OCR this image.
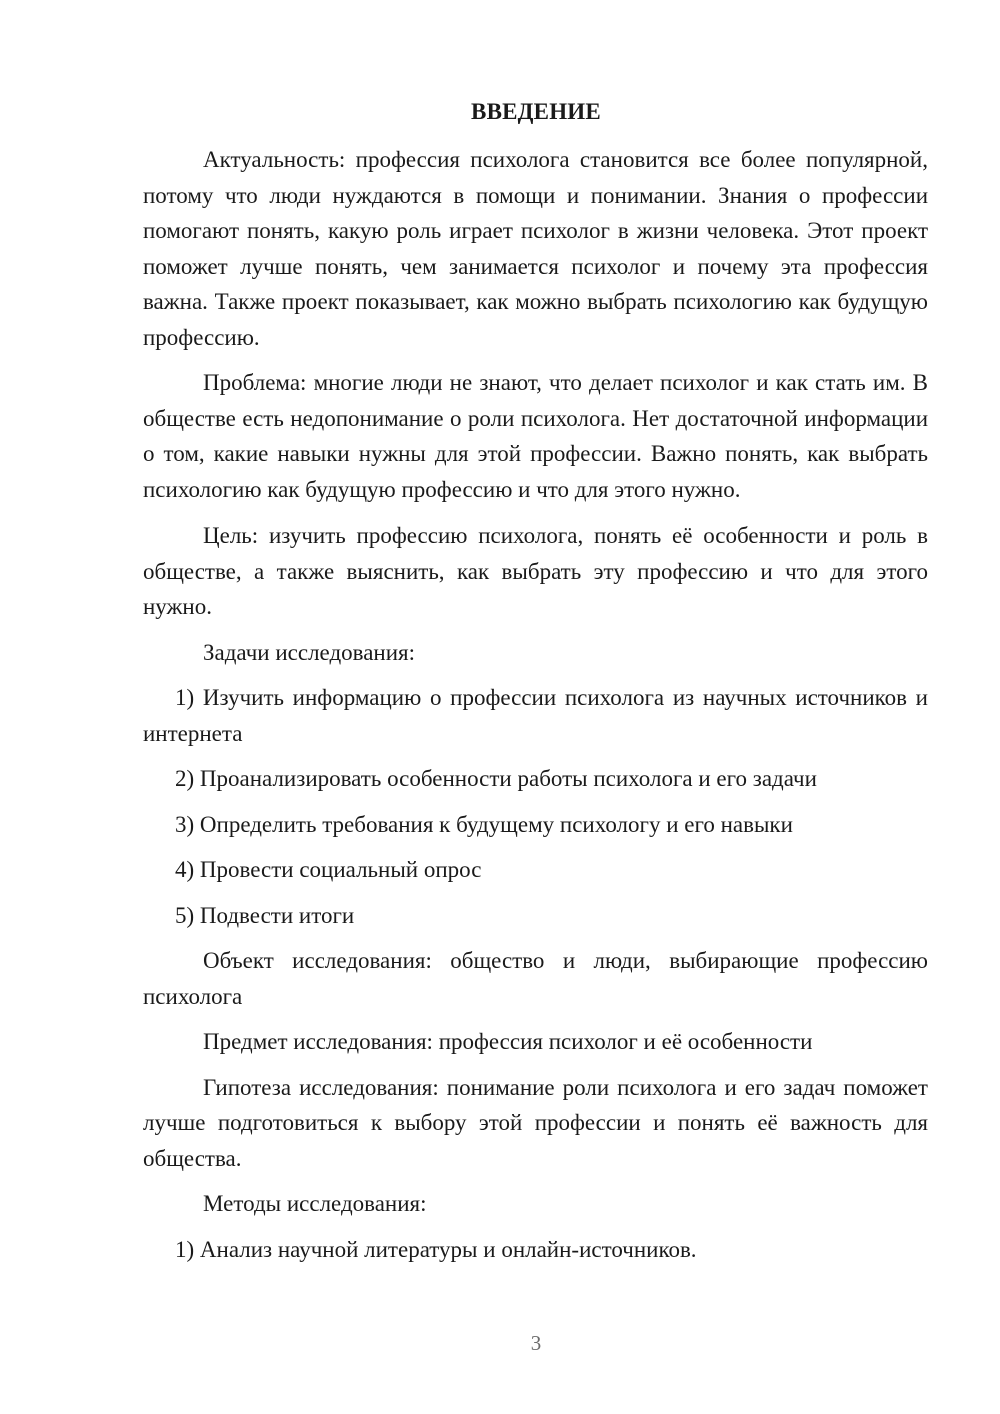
ВВЕДЕНИЕ

Актуальность: профессия психолога становится все более популярной, потому что люди нуждаются в помощи и понимании. Знания о профессии помогают понять, какую роль играет психолог в жизни человека. Этот проект поможет лучше понять, чем занимается психолог и почему эта профессия важна. Также проект показывает, как можно выбрать психологию как будущую профессию.

Проблема: многие люди не знают, что делает психолог и как стать им. В обществе есть недопонимание о роли психолога. Нет достаточной информации о том, какие навыки нужны для этой профессии. Важно понять, как выбрать психологию как будущую профессию и что для этого нужно.

Цель: изучить профессию психолога, понять её особенности и роль в обществе, а также выяснить, как выбрать эту профессию и что для этого нужно.

Задачи исследования:

1) Изучить информацию о профессии психолога из научных источников и интернета

2) Проанализировать особенности работы психолога и его задачи

3) Определить требования к будущему психологу и его навыки

4) Провести социальный опрос

5) Подвести итоги

Объект исследования: общество и люди, выбирающие профессию психолога

Предмет исследования: профессия психолог и её особенности

Гипотеза исследования: понимание роли психолога и его задач поможет лучше подготовиться к выбору этой профессии и понять её важность для общества.

Методы исследования:

1) Анализ научной литературы и онлайн-источников.

3
